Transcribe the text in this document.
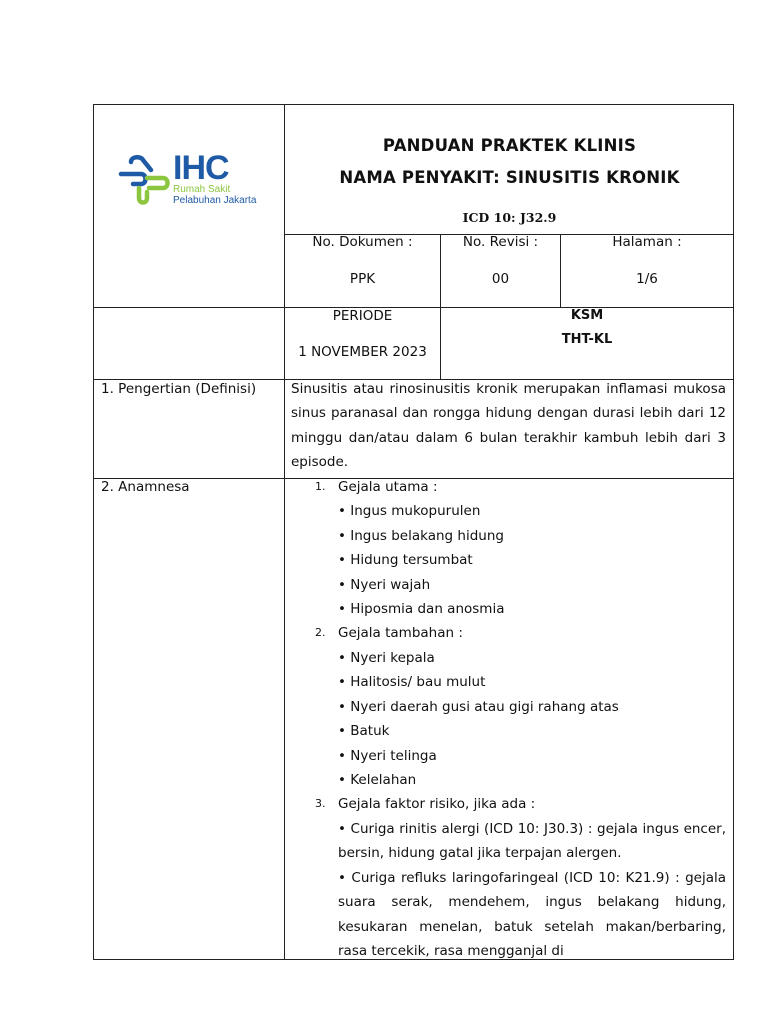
IHC
Rumah Sakit
Pelabuhan Jakarta
PANDUAN PRAKTEK KLINIS
NAMA PENYAKIT: SINUSITIS KRONIK
ICD 10: J32.9
No. Dokumen :
PPK
No. Revisi :
00
Halaman :
1/6
PERIODE
1 NOVEMBER 2023
KSM
THT-KL
1. Pengertian (Definisi)	Sinusitis atau rinosinusitis kronik merupakan inflamasi mukosa sinus paranasal dan rongga hidung dengan durasi lebih dari 12 minggu dan/atau dalam 6 bulan terakhir kambuh lebih dari 3 episode.
2. Anamnesa	1. Gejala utama :
• Ingus mukopurulen
• Ingus belakang hidung
• Hidung tersumbat
• Nyeri wajah
• Hiposmia dan anosmia
2. Gejala tambahan :
• Nyeri kepala
• Halitosis/ bau mulut
• Nyeri daerah gusi atau gigi rahang atas
• Batuk
• Nyeri telinga
• Kelelahan
3. Gejala faktor risiko, jika ada :
• Curiga rinitis alergi (ICD 10: J30.3) : gejala ingus encer, bersin, hidung gatal jika terpajan alergen.
• Curiga refluks laringofaringeal (ICD 10: K21.9) : gejala suara serak, mendehem, ingus belakang hidung, kesukaran menelan, batuk setelah makan/berbaring, rasa tercekik, rasa mengganjal di
